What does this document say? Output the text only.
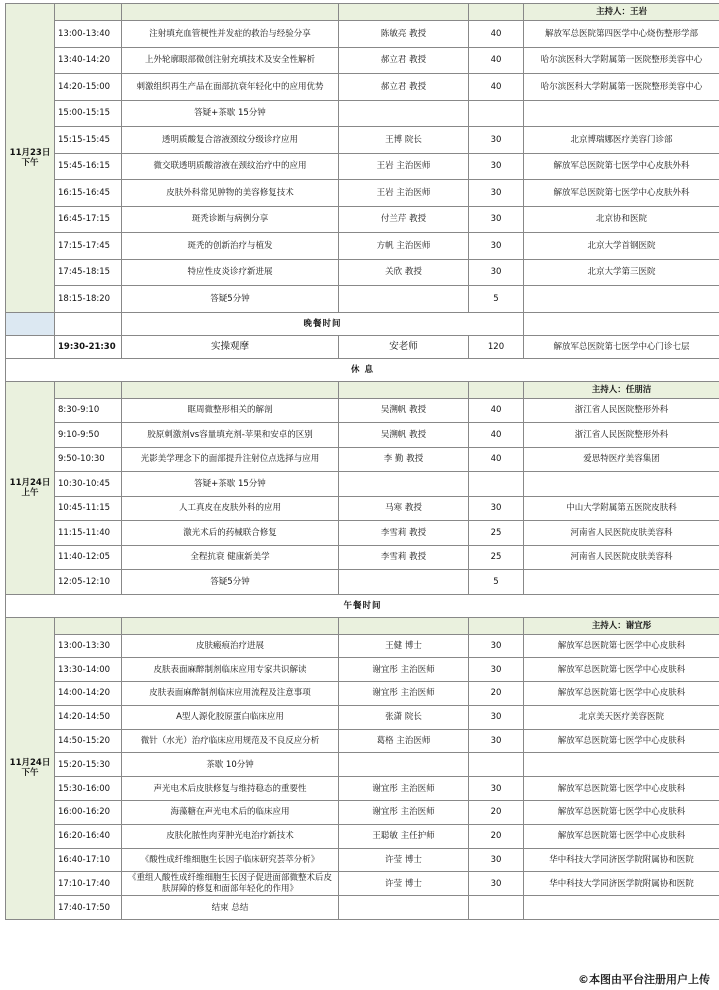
11月23日下午					主持人：王岩
	13:00-13:40	注射填充血管梗性并发症的救治与经验分享	陈敏亮 教授	40	解放军总医院第四医学中心烧伤整形学部
	13:40-14:20	上外轮廓眼部微创注射充填技术及安全性解析	郝立君 教授	40	哈尔滨医科大学附属第一医院整形美容中心
	14:20-15:00	刺激组织再生产品在面部抗衰年轻化中的应用优势	郝立君 教授	40	哈尔滨医科大学附属第一医院整形美容中心
	15:00-15:15	答疑+茶歇 15分钟			
	15:15-15:45	透明质酸复合溶液颈纹分级诊疗应用	王博 院长	30	北京博瑞娜医疗美容门诊部
	15:45-16:15	微交联透明质酸溶液在颈纹治疗中的应用	王岩 主治医师	30	解放军总医院第七医学中心皮肤外科
	16:15-16:45	皮肤外科常见肿物的美容修复技术	王岩 主治医师	30	解放军总医院第七医学中心皮肤外科
	16:45-17:15	斑秃诊断与病例分享	付兰芹 教授	30	北京协和医院
	17:15-17:45	斑秃的创新治疗与植发	方帆 主治医师	30	北京大学首钢医院
	17:45-18:15	特应性皮炎诊疗新进展	关欣 教授	30	北京大学第三医院
	18:15-18:20	答疑5分钟		5	
		晚餐时间			
	19:30-21:30	实操观摩	安老师	120	解放军总医院第七医学中心门诊七层
休 息					
11月24日上午					主持人：任朋洁
	8:30-9:10	眶周微整形相关的解剖	吴溯帆 教授	40	浙江省人民医院整形外科
	9:10-9:50	胶原刺激剂vs容量填充剂-苹果和安卓的区别	吴溯帆 教授	40	浙江省人民医院整形外科
	9:50-10:30	光影美学理念下的面部提升注射位点选择与应用	李 勤 教授	40	爱思特医疗美容集团
	10:30-10:45	答疑+茶歇 15分钟			
	10:45-11:15	人工真皮在皮肤外科的应用	马寒 教授	30	中山大学附属第五医院皮肤科
	11:15-11:40	激光术后的药械联合修复	李雪莉 教授	25	河南省人民医院皮肤美容科
	11:40-12:05	全程抗衰 健康新美学	李雪莉 教授	25	河南省人民医院皮肤美容科
	12:05-12:10	答疑5分钟		5	
午餐时间					
11月24日下午					主持人：谢宜彤
	13:00-13:30	皮肤瘢痕治疗进展	王健 博士	30	解放军总医院第七医学中心皮肤科
	13:30-14:00	皮肤表面麻醉制剂临床应用专家共识解读	谢宜彤 主治医师	30	解放军总医院第七医学中心皮肤科
	14:00-14:20	皮肤表面麻醉制剂临床应用流程及注意事项	谢宜彤 主治医师	20	解放军总医院第七医学中心皮肤科
	14:20-14:50	A型人源化胶原蛋白临床应用	张潇 院长	30	北京美天医疗美容医院
	14:50-15:20	微针（水光）治疗临床应用规范及不良反应分析	葛格 主治医师	30	解放军总医院第七医学中心皮肤科
	15:20-15:30	茶歇 10分钟			
	15:30-16:00	声光电术后皮肤修复与维持稳态的重要性	谢宜彤 主治医师	30	解放军总医院第七医学中心皮肤科
	16:00-16:20	海藻糖在声光电术后的临床应用	谢宜彤 主治医师	20	解放军总医院第七医学中心皮肤科
	16:20-16:40	皮肤化脓性肉芽肿光电治疗新技术	王聪敏 主任护师	20	解放军总医院第七医学中心皮肤科
	16:40-17:10	《酸性成纤维细胞生长因子临床研究荟萃分析》	许莹 博士	30	华中科技大学同济医学院附属协和医院
	17:10-17:40	《重组人酸性成纤维细胞生长因子促进面部微整术后皮肤屏障的修复和面部年轻化的作用》	许莹 博士	30	华中科技大学同济医学院附属协和医院
	17:40-17:50	结束 总结			
©本图由平台注册用户上传
